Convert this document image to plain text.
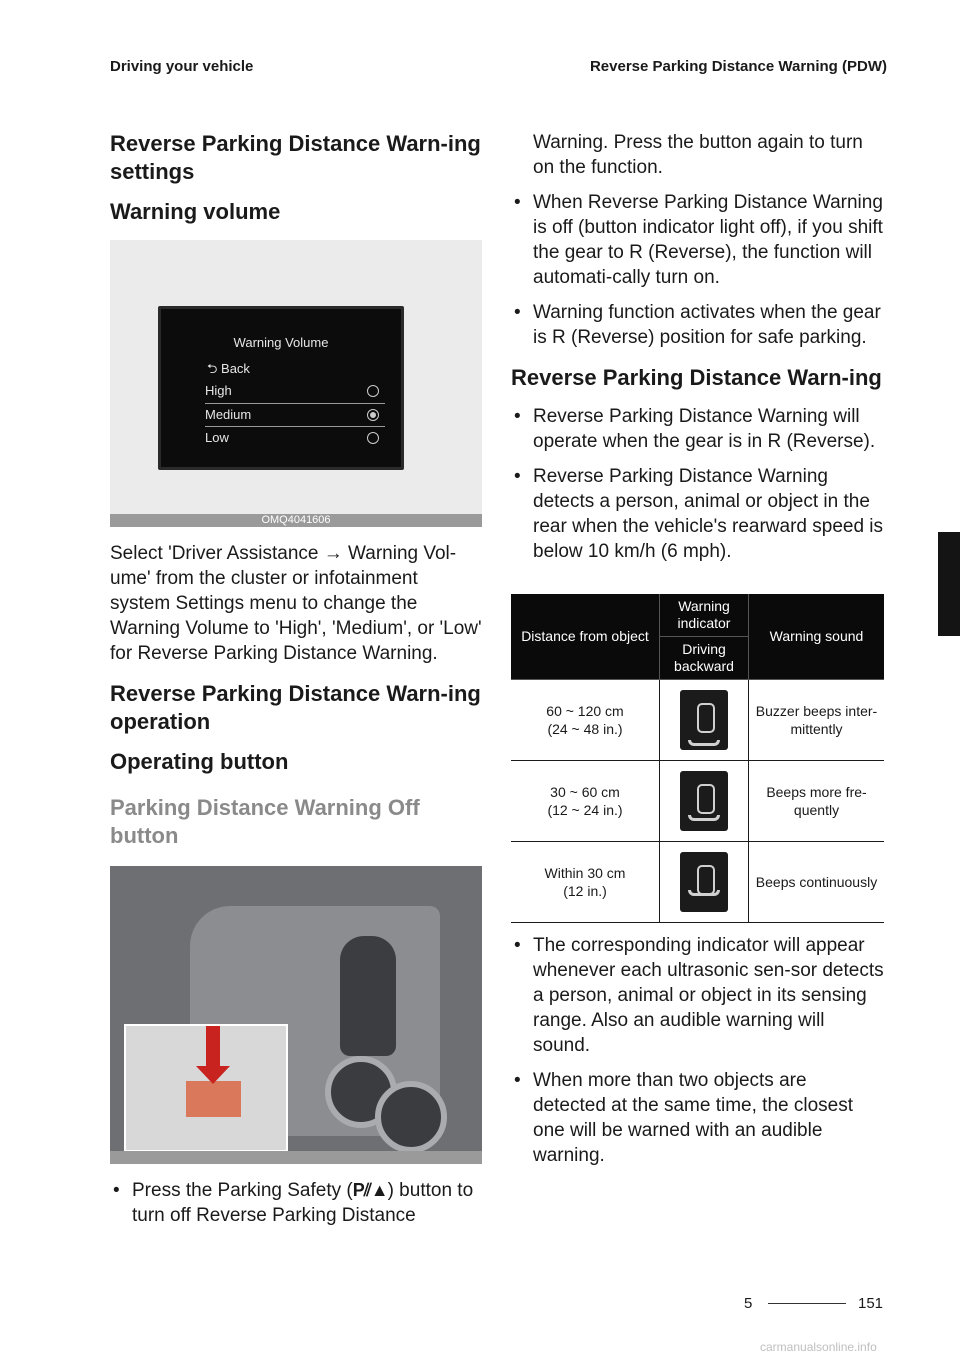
Driving your vehicle	Reverse Parking Distance Warning (PDW)
5
Reverse Parking Distance Warn-ing settings
Warning volume
Warning Volume
⮌ Back
High
Medium
Low
OMQ4041606

Select 'Driver Assistance → Warning Vol-ume' from the cluster or infotainment system Settings menu to change the Warning Volume to 'High', 'Medium', or 'Low' for Reverse Parking Distance Warning.

Reverse Parking Distance Warn-ing operation
Operating button
Parking Distance Warning Off button
OKA4042078N
• Press the Parking Safety (P⫽▲) button to turn off Reverse Parking Distance
Warning. Press the button again to turn on the function.
• When Reverse Parking Distance Warning is off (button indicator light off), if you shift the gear to R (Reverse), the function will automati-cally turn on.
• Warning function activates when the gear is R (Reverse) position for safe parking.
Reverse Parking Distance Warn-ing
• Reverse Parking Distance Warning will operate when the gear is in R (Reverse).
• Reverse Parking Distance Warning detects a person, animal or object in the rear when the vehicle's rearward speed is below 10 km/h (6 mph).
Distance from object	Warning indicator	Warning sound
	Driving backward	

60 ~ 120 cm
(24 ~ 48 in.)		Buzzer beeps inter-mittently

30 ~ 60 cm
(12 ~ 24 in.)		Beeps more fre-quently

Within 30 cm
(12 in.)		Beeps continuously
• The corresponding indicator will appear whenever each ultrasonic sen-sor detects a person, animal or object in its sensing range. Also an audible warning will sound.
• When more than two objects are detected at the same time, the closest one will be warned with an audible warning.
5	151
carmanualsonline.info
